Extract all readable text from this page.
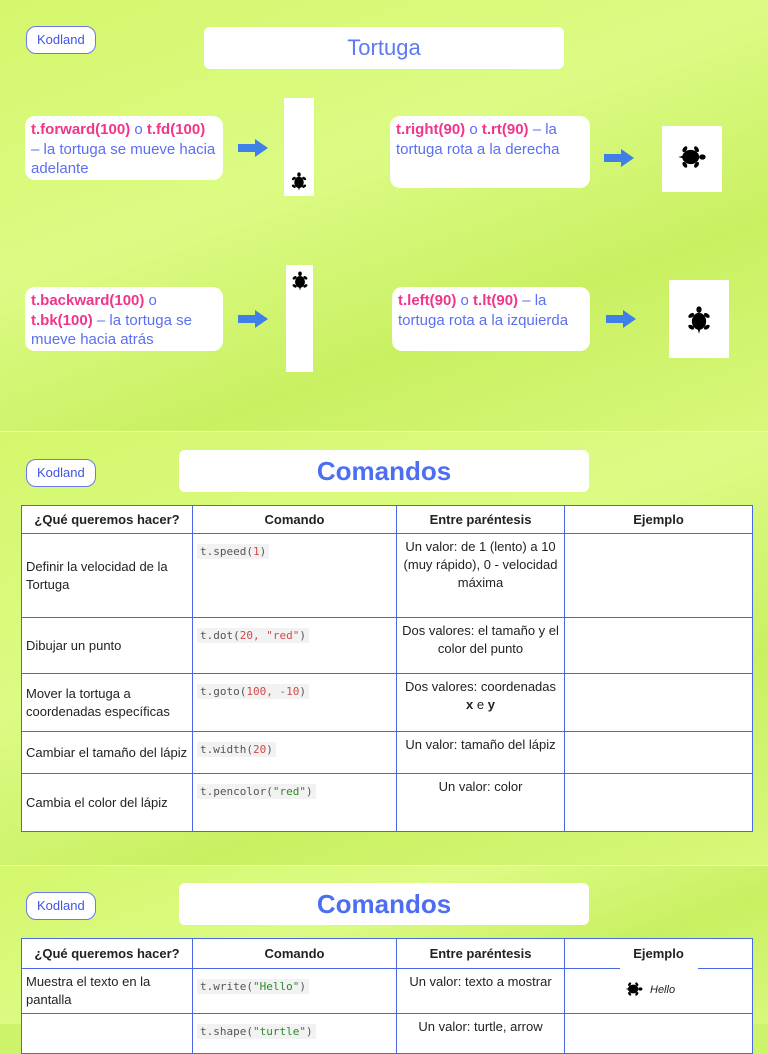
Kodland	Tortuga
t.forward(100) o t.fd(100) – la tortuga se mueve hacia adelante
t.right(90) o t.rt(90) – la tortuga rota a la derecha
t.backward(100) o t.bk(100) – la tortuga se mueve hacia atrás
t.left(90) o t.lt(90) – la tortuga rota a la izquierda
Kodland	Comandos
¿Qué queremos hacer?	Comando	Entre paréntesis	Ejemplo
Definir la velocidad de la Tortuga	t.speed(1)	Un valor: de 1 (lento) a 10 (muy rápido), 0 - velocidad máxima	
Dibujar un punto	t.dot(20, "red")	Dos valores: el tamaño y el color del punto	
Mover la tortuga a coordenadas específicas	t.goto(100, -10)	Dos valores: coordenadas x e y	
Cambiar el tamaño del lápiz	t.width(20)	Un valor: tamaño del lápiz	
Cambia el color del lápiz	t.pencolor("red")	Un valor: color	
Kodland	Comandos
¿Qué queremos hacer?	Comando	Entre paréntesis	Ejemplo
Muestra el texto en la pantalla	t.write("Hello")	Un valor: texto a mostrar	Hello

	t.shape("turtle")	Un valor: turtle, arrow	
